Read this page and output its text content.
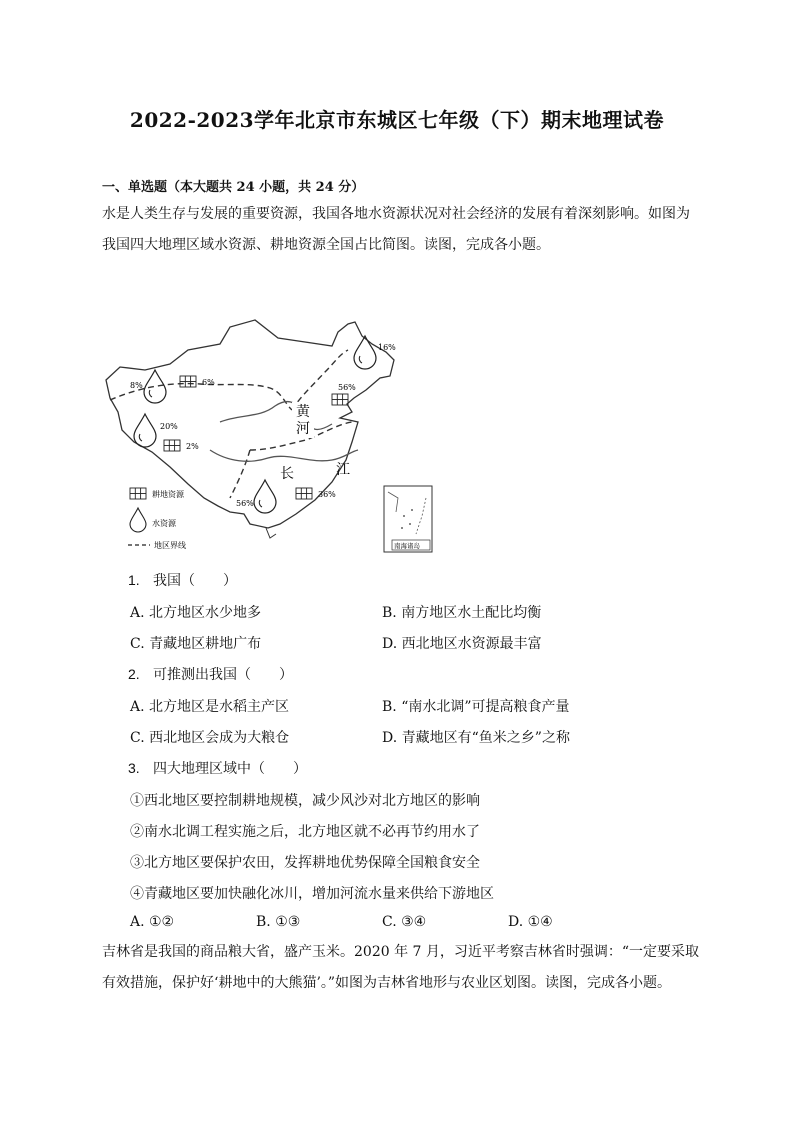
2022-2023学年北京市东城区七年级（下）期末地理试卷
一、单选题（本大题共 24 小题，共 24 分）
水是人类生存与发展的重要资源，我国各地水资源状况对社会经济的发展有着深刻影响。如图为我国四大地理区域水资源、耕地资源全国占比简图。读图，完成各小题。
8%	6%
20%
2%
16%
56%
黄
河
长	江
56%
36%
耕地资源
水资源
地区界线	南海诸岛
1. 我国（　　）
A. 北方地区水少地多	B. 南方地区水土配比均衡
C. 青藏地区耕地广布	D. 西北地区水资源最丰富
2. 可推测出我国（　　）
A. 北方地区是水稻主产区	B. “南水北调”可提高粮食产量
C. 西北地区会成为大粮仓	D. 青藏地区有“鱼米之乡”之称
3. 四大地理区域中（　　）
①西北地区要控制耕地规模，减少风沙对北方地区的影响
②南水北调工程实施之后，北方地区就不必再节约用水了
③北方地区要保护农田，发挥耕地优势保障全国粮食安全
④青藏地区要加快融化冰川，增加河流水量来供给下游地区
A. ①②	B. ①③	C. ③④	D. ①④
吉林省是我国的商品粮大省，盛产玉米。2020 年 7 月，习近平考察吉林省时强调：“一定要采取有效措施，保护好‘耕地中的大熊猫’。”如图为吉林省地形与农业区划图。读图，完成各小题。
